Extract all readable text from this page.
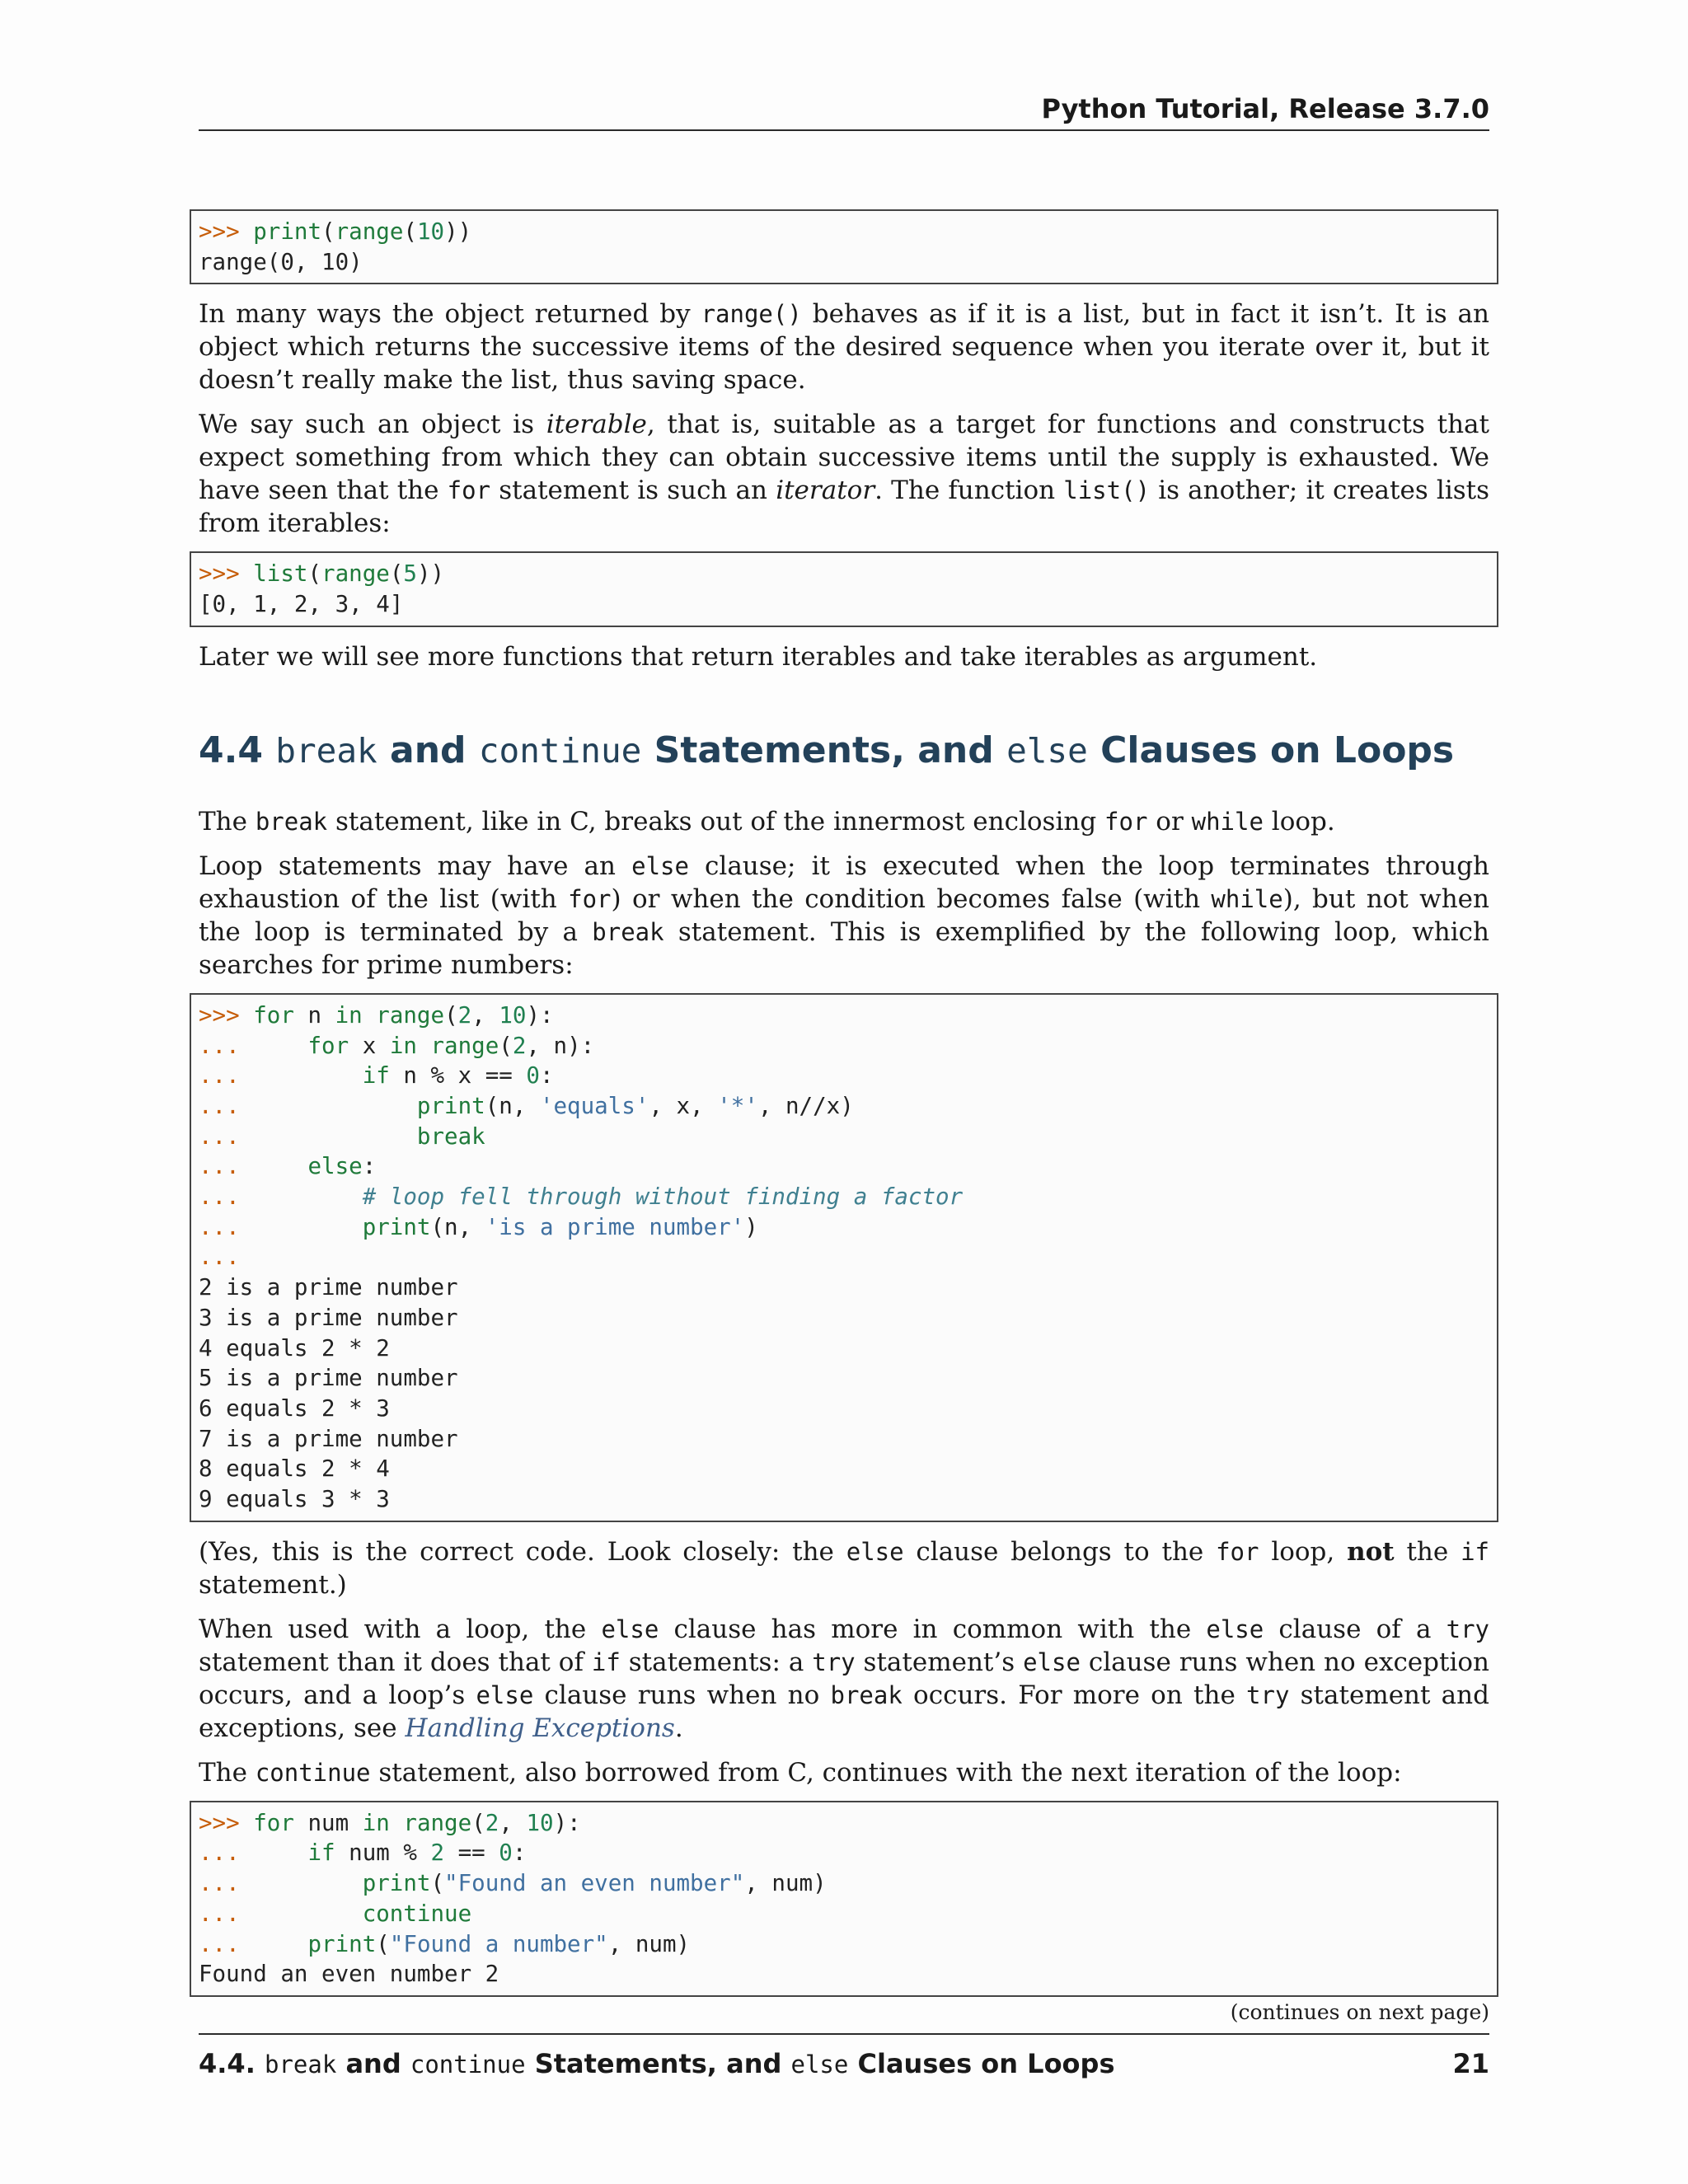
Python Tutorial, Release 3.7.0
>>> print(range(10))
range(0, 10)

In many ways the object returned by range() behaves as if it is a list, but in fact it isn’t. It is an object which returns the successive items of the desired sequence when you iterate over it, but it doesn’t really make the list, thus saving space.

We say such an object is iterable, that is, suitable as a target for functions and constructs that expect something from which they can obtain successive items until the supply is exhausted. We have seen that the for statement is such an iterator. The function list() is another; it creates lists from iterables:

>>> list(range(5))
[0, 1, 2, 3, 4]

Later we will see more functions that return iterables and take iterables as argument.

4.4 break and continue Statements, and else Clauses on Loops

The break statement, like in C, breaks out of the innermost enclosing for or while loop.

Loop statements may have an else clause; it is executed when the loop terminates through exhaustion of the list (with for) or when the condition becomes false (with while), but not when the loop is terminated by a break statement. This is exemplified by the following loop, which searches for prime numbers:

>>> for n in range(2, 10):
...	for x in range(2, n):
...	if n % x == 0:
...	print(n, 'equals', x, '*', n//x)
...	break
...	else:
...	# loop fell through without finding a factor
...	print(n, 'is a prime number')
...
2 is a prime number
3 is a prime number
4 equals 2 * 2
5 is a prime number
6 equals 2 * 3
7 is a prime number
8 equals 2 * 4
9 equals 3 * 3

(Yes, this is the correct code. Look closely: the else clause belongs to the for loop, not the if statement.)

When used with a loop, the else clause has more in common with the else clause of a try statement than it does that of if statements: a try statement’s else clause runs when no exception occurs, and a loop’s else clause runs when no break occurs. For more on the try statement and exceptions, see Handling Exceptions.

The continue statement, also borrowed from C, continues with the next iteration of the loop:

>>> for num in range(2, 10):
...	if num % 2 == 0:
...	print("Found an even number", num)
...	continue
...	print("Found a number", num)
Found an even number 2
(continues on next page)
4.4. break and continue Statements, and else Clauses on Loops	21
